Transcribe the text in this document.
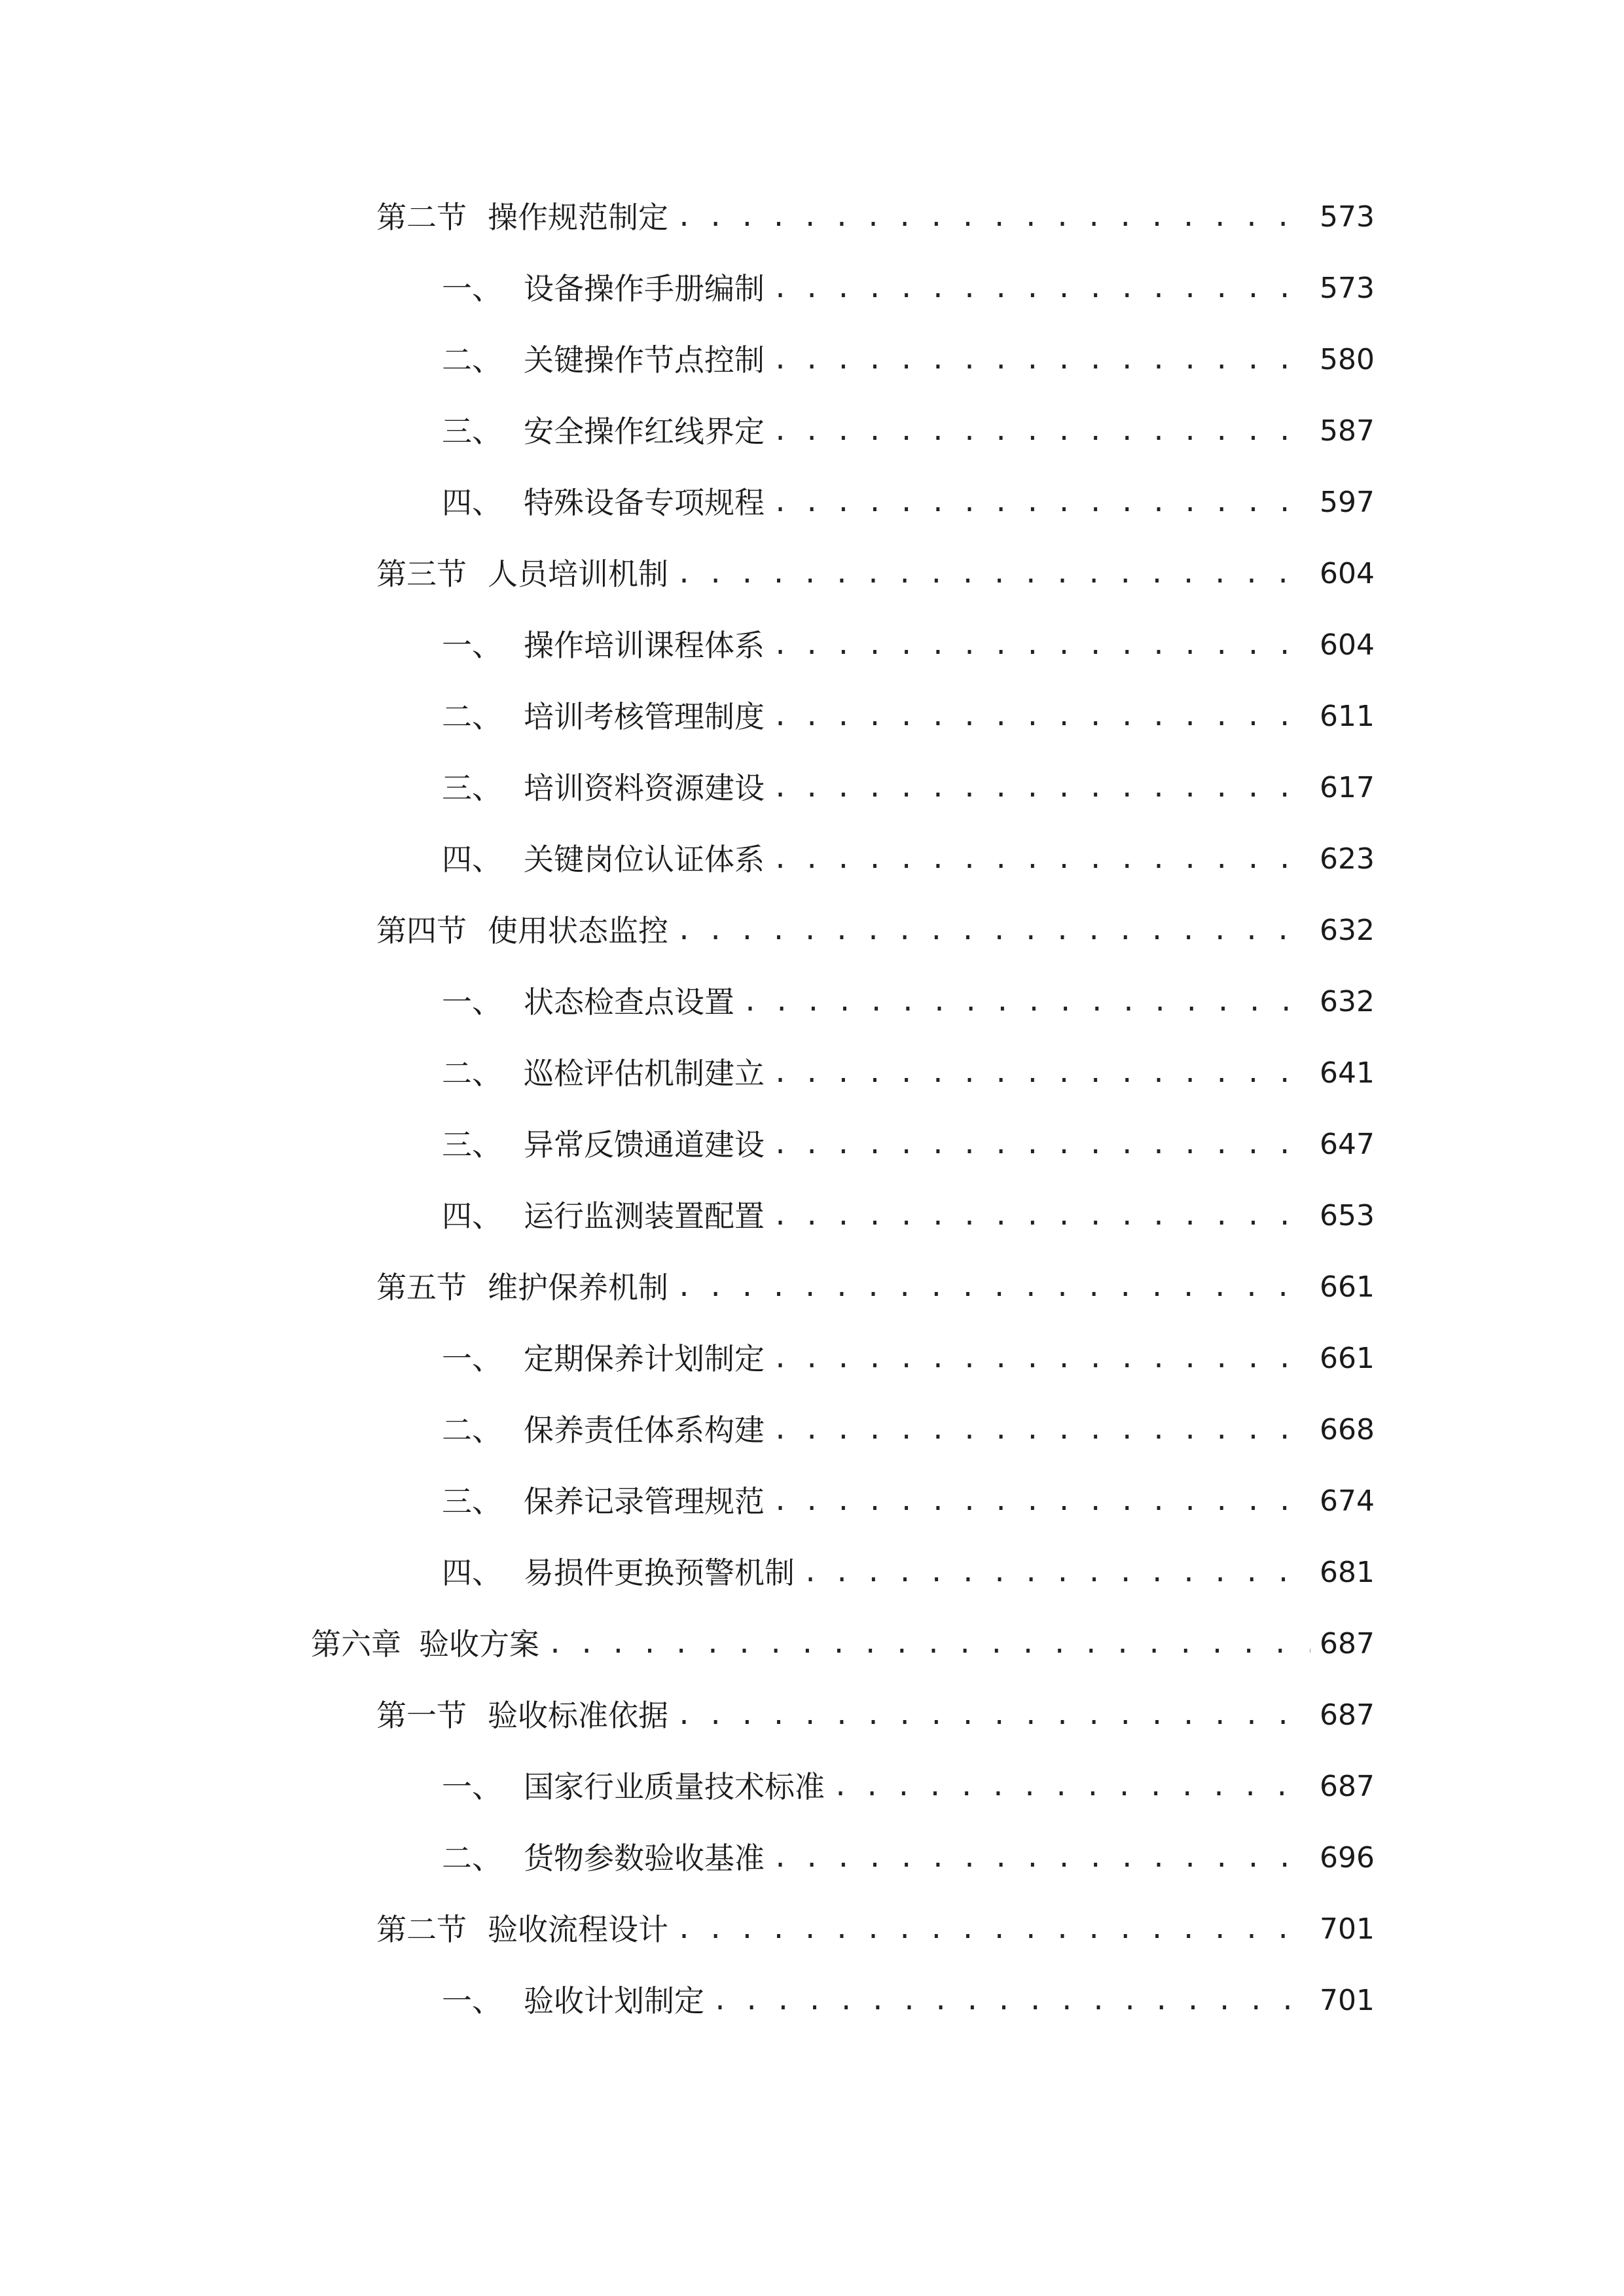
第二节 操作规范制定 . . .	573
一、 设备操作手册编制 . . .	573
二、 关键操作节点控制 . . .	580
三、 安全操作红线界定 . . .	587
四、 特殊设备专项规程 . . .	597
第三节 人员培训机制 . . .	604
一、 操作培训课程体系 . . .	604
二、 培训考核管理制度 . . .	611
三、 培训资料资源建设 . . .	617
四、 关键岗位认证体系 . . .	623
第四节 使用状态监控 . . .	632
一、 状态检查点设置 . . .	632
二、 巡检评估机制建立 . . .	641
三、 异常反馈通道建设 . . .	647
四、 运行监测装置配置 . . .	653
第五节 维护保养机制 . . .	661
一、 定期保养计划制定 . . .	661
二、 保养责任体系构建 . . .	668
三、 保养记录管理规范 . . .	674
四、 易损件更换预警机制 . . .	681
第六章 验收方案 . . .	687
第一节 验收标准依据 . . .	687
一、 国家行业质量技术标准 . . .	687
二、 货物参数验收基准 . . .	696
第二节 验收流程设计 . . .	701
一、 验收计划制定 . . .	701
